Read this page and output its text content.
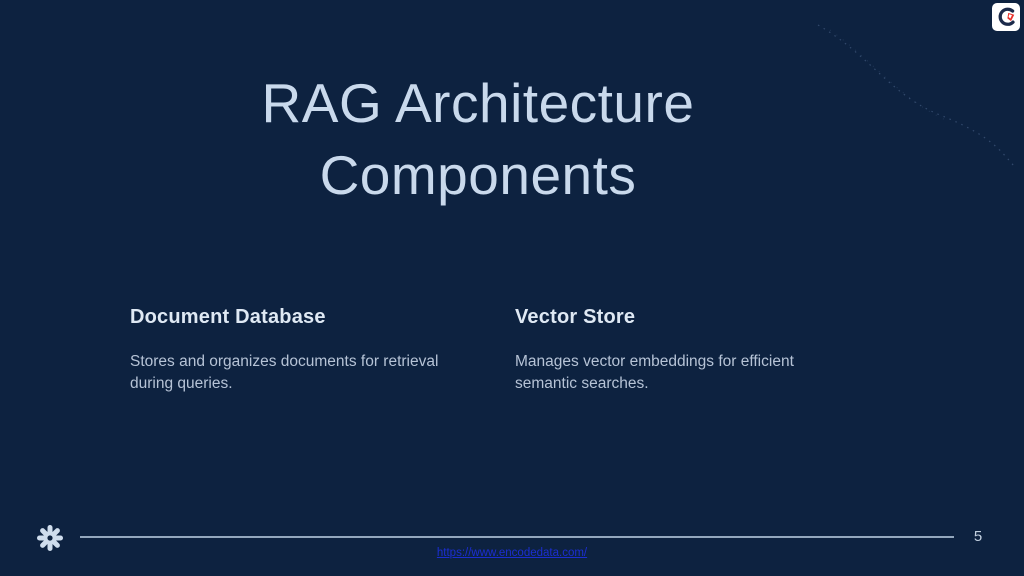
RAG Architecture Components
Document Database
Stores and organizes documents for retrieval during queries.
Vector Store
Manages vector embeddings for efficient semantic searches.
5
https://www.encodedata.com/
